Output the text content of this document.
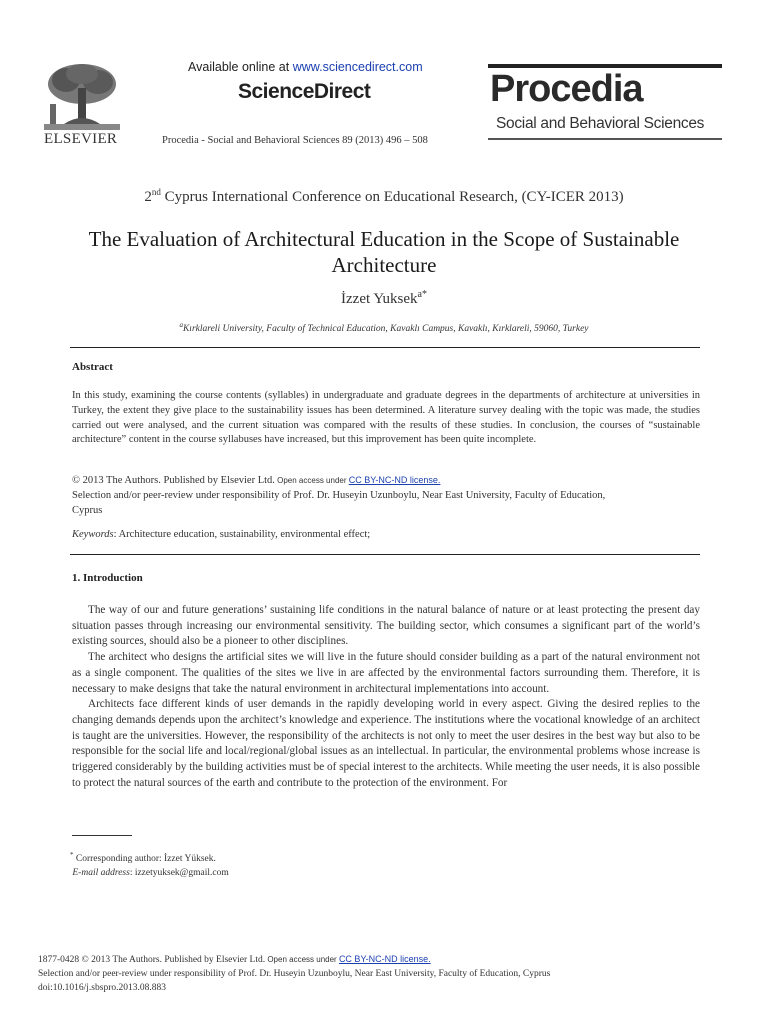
ELSEVIER
Available online at www.sciencedirect.com
ScienceDirect
Procedia - Social and Behavioral Sciences 89 (2013) 496 – 508
Procedia
Social and Behavioral Sciences
2nd Cyprus International Conference on Educational Research, (CY-ICER 2013)
The Evaluation of Architectural Education in the Scope of Sustainable Architecture
İzzet Yuksek$^{a*}$
$^a$Kırklareli University, Faculty of Technical Education, Kavaklı Campus, Kavaklı, Kırklareli, 59060, Turkey
Abstract
In this study, examining the course contents (syllables) in undergraduate and graduate degrees in the departments of architecture at universities in Turkey, the extent they give place to the sustainability issues has been determined. A literature survey dealing with the topic was made, the studies carried out were analysed, and the current situation was compared with the results of these studies. In conclusion, the courses of “sustainable architecture” content in the course syllabuses have increased, but this improvement has been quite incomplete.
© 2013 The Authors. Published by Elsevier Ltd. Open access under CC BY-NC-ND license.
Selection and/or peer-review under responsibility of Prof. Dr. Huseyin Uzunboylu, Near East University, Faculty of Education,
Cyprus
Keywords: Architecture education, sustainability, environmental effect;
1. Introduction

The way of our and future generations’ sustaining life conditions in the natural balance of nature or at least protecting the present day situation passes through increasing our environmental sensitivity. The building sector, which consumes a significant part of the world’s existing sources, should also be a pioneer to other disciplines.

The architect who designs the artificial sites we will live in the future should consider building as a part of the natural environment not as a single component. The qualities of the sites we live in are affected by the environmental factors surrounding them. Therefore, it is necessary to make designs that take the natural environment in architectural implementations into account.

Architects face different kinds of user demands in the rapidly developing world in every aspect. Giving the desired replies to the changing demands depends upon the architect’s knowledge and experience. The institutions where the vocational knowledge of an architect is taught are the universities. However, the responsibility of the architects is not only to meet the user desires in the best way but also to be responsible for the social life and local/regional/global issues as an intellectual. In particular, the environmental problems whose increase is triggered considerably by the building activities must be of special interest to the architects. While meeting the user needs, it is also possible to protect the natural sources of the earth and contribute to the protection of the environment. For

* Corresponding author: İzzet Yüksek.
E-mail address: izzetyuksek@gmail.com
1877-0428 © 2013 The Authors. Published by Elsevier Ltd. Open access under CC BY-NC-ND license.
Selection and/or peer-review under responsibility of Prof. Dr. Huseyin Uzunboylu, Near East University, Faculty of Education, Cyprus
doi:10.1016/j.sbspro.2013.08.883
